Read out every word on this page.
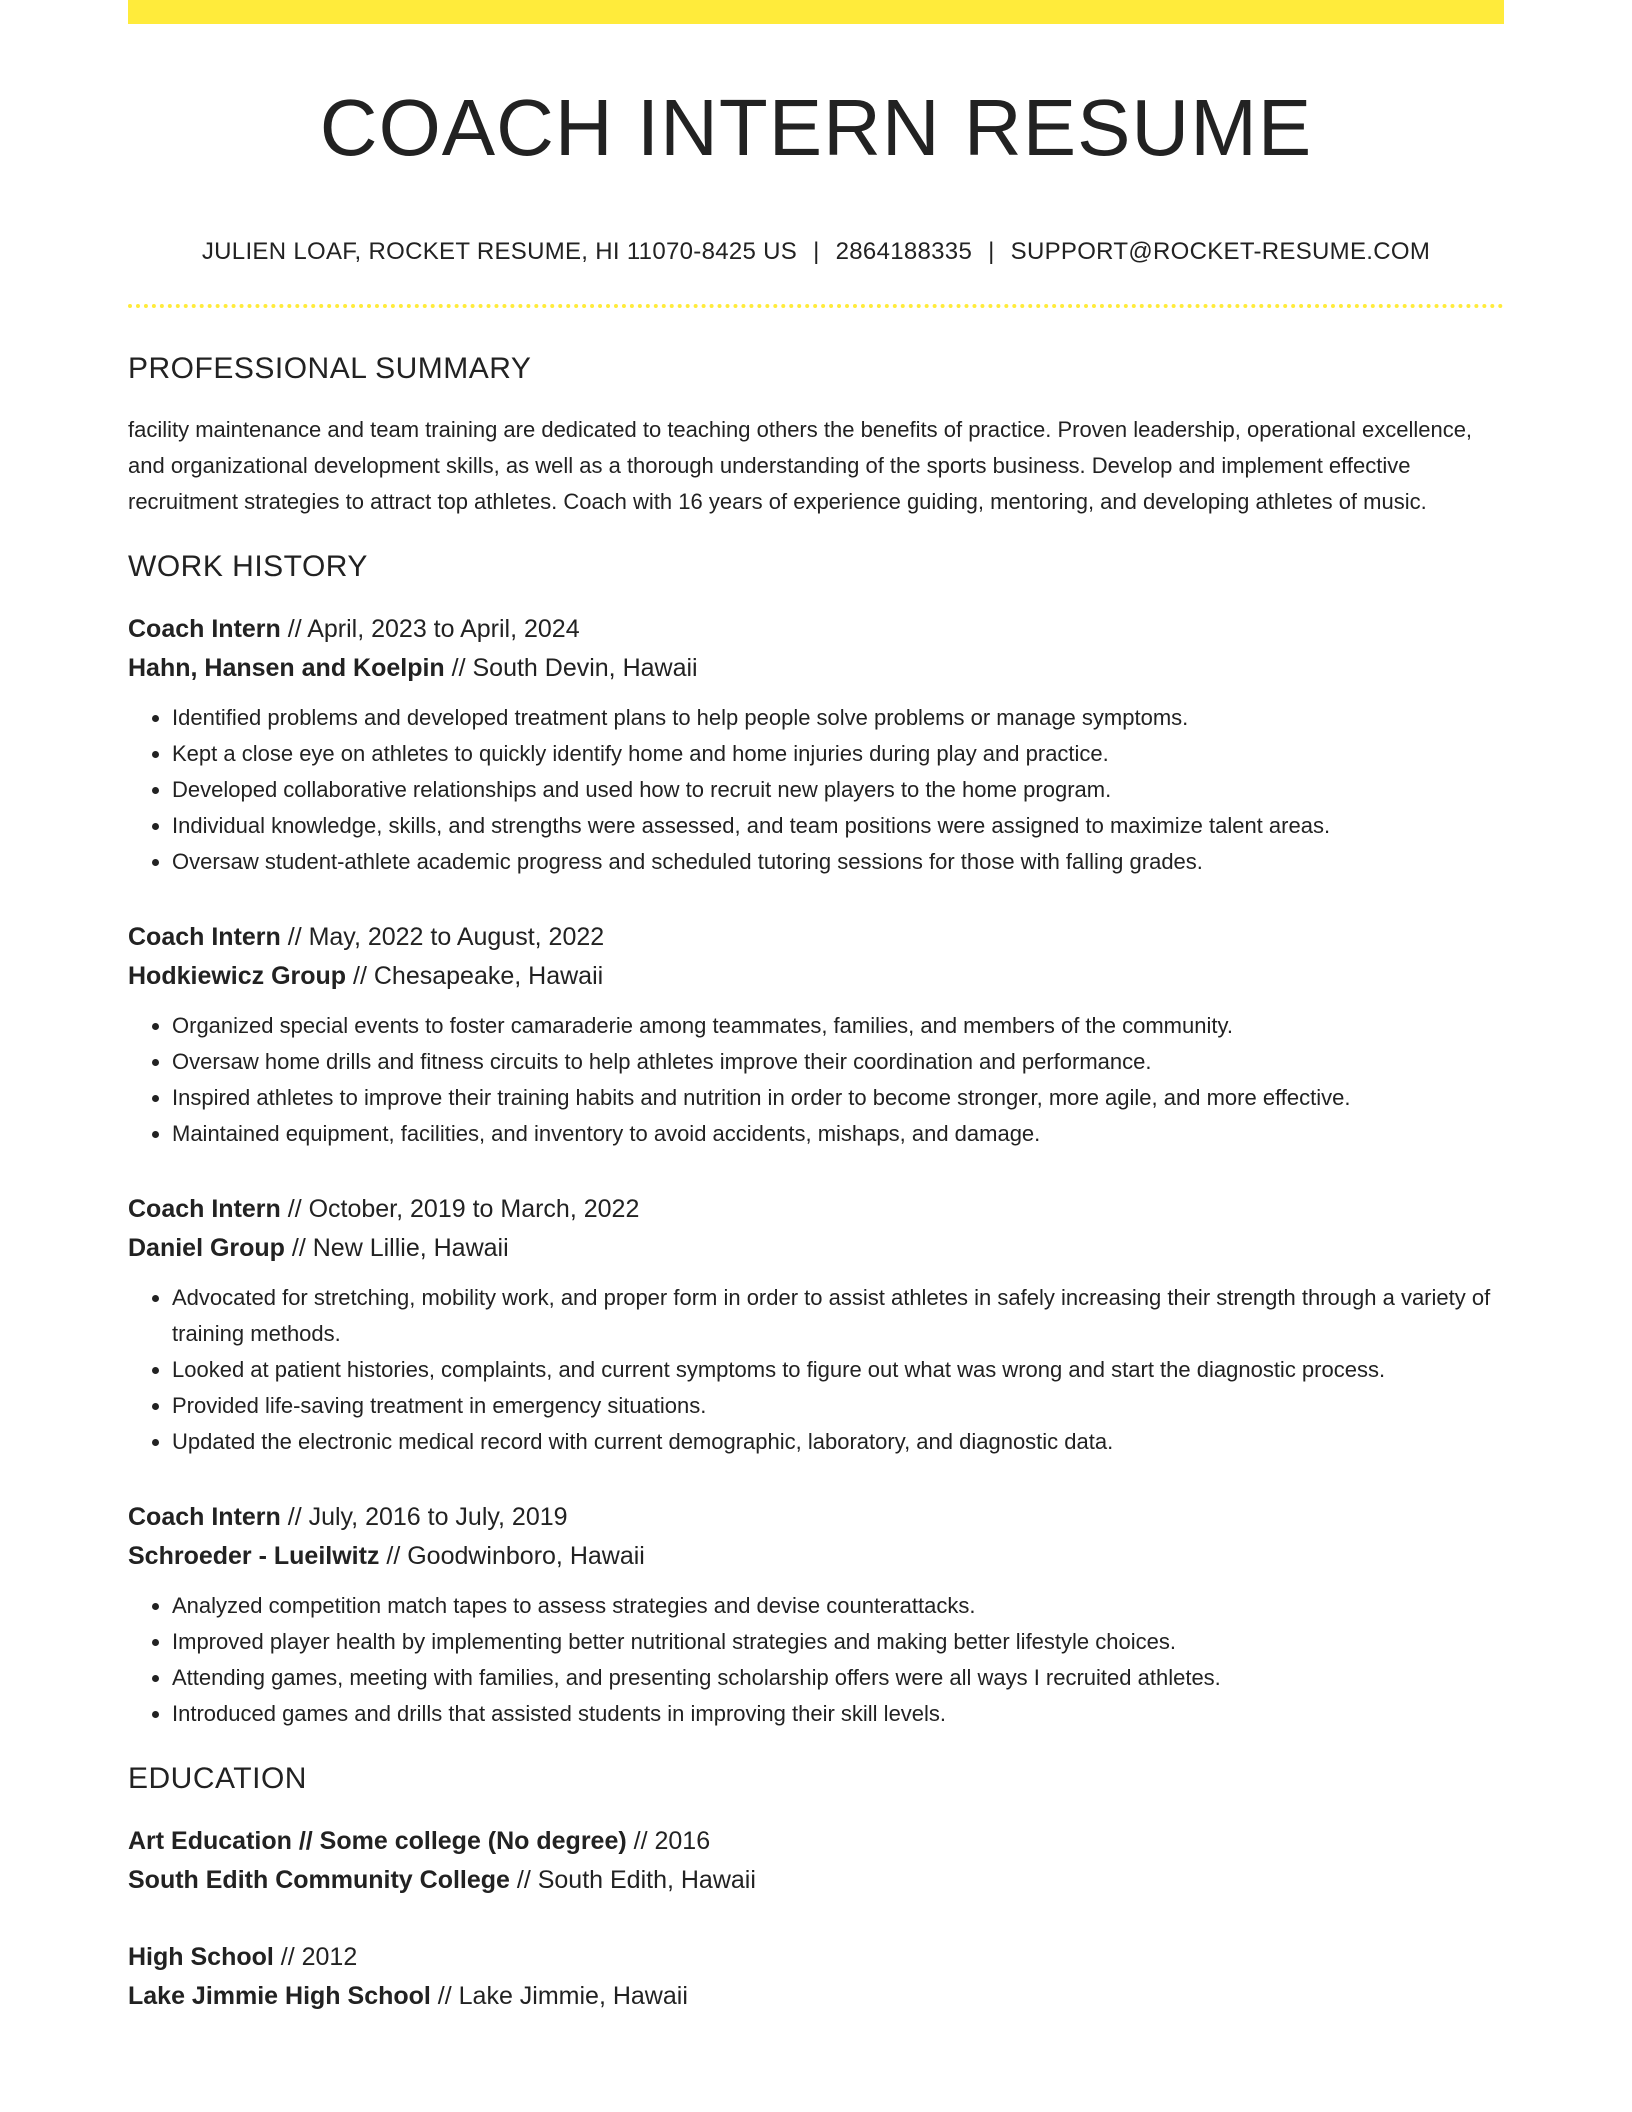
COACH INTERN RESUME
JULIEN LOAF, ROCKET RESUME, HI 11070-8425 US | 2864188335 | SUPPORT@ROCKET-RESUME.COM
PROFESSIONAL SUMMARY

facility maintenance and team training are dedicated to teaching others the benefits of practice. Proven leadership, operational excellence, and organizational development skills, as well as a thorough understanding of the sports business. Develop and implement effective recruitment strategies to attract top athletes. Coach with 16 years of experience guiding, mentoring, and developing athletes of music.

WORK HISTORY
Coach Intern // April, 2023 to April, 2024
Hahn, Hansen and Koelpin // South Devin, Hawaii
• Identified problems and developed treatment plans to help people solve problems or manage symptoms.
• Kept a close eye on athletes to quickly identify home and home injuries during play and practice.
• Developed collaborative relationships and used how to recruit new players to the home program.
• Individual knowledge, skills, and strengths were assessed, and team positions were assigned to maximize talent areas.
• Oversaw student-athlete academic progress and scheduled tutoring sessions for those with falling grades.
Coach Intern // May, 2022 to August, 2022
Hodkiewicz Group // Chesapeake, Hawaii
• Organized special events to foster camaraderie among teammates, families, and members of the community.
• Oversaw home drills and fitness circuits to help athletes improve their coordination and performance.
• Inspired athletes to improve their training habits and nutrition in order to become stronger, more agile, and more effective.
• Maintained equipment, facilities, and inventory to avoid accidents, mishaps, and damage.
Coach Intern // October, 2019 to March, 2022
Daniel Group // New Lillie, Hawaii
• Advocated for stretching, mobility work, and proper form in order to assist athletes in safely increasing their strength through a variety of training methods.
• Looked at patient histories, complaints, and current symptoms to figure out what was wrong and start the diagnostic process.
• Provided life-saving treatment in emergency situations.
• Updated the electronic medical record with current demographic, laboratory, and diagnostic data.
Coach Intern // July, 2016 to July, 2019
Schroeder - Lueilwitz // Goodwinboro, Hawaii
• Analyzed competition match tapes to assess strategies and devise counterattacks.
• Improved player health by implementing better nutritional strategies and making better lifestyle choices.
• Attending games, meeting with families, and presenting scholarship offers were all ways I recruited athletes.
• Introduced games and drills that assisted students in improving their skill levels.
EDUCATION
Art Education // Some college (No degree) // 2016
South Edith Community College // South Edith, Hawaii
High School // 2012
Lake Jimmie High School // Lake Jimmie, Hawaii
